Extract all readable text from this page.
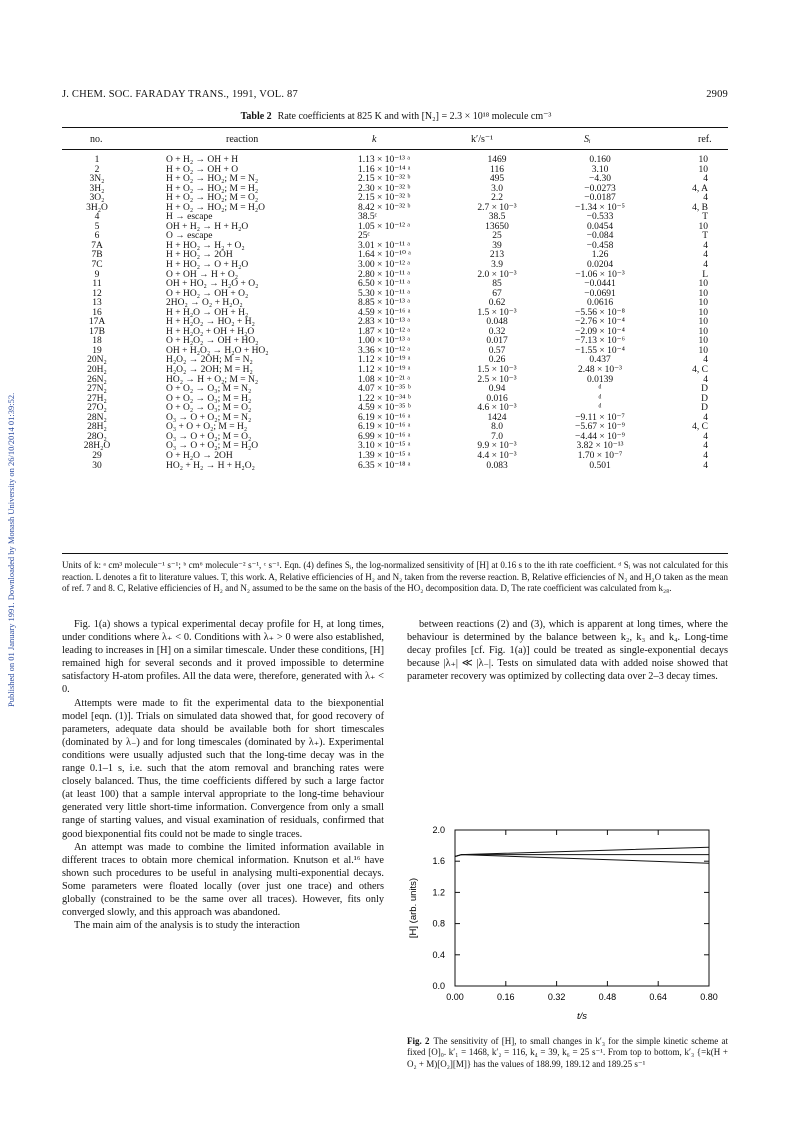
Published on 01 January 1991. Downloaded by Monash University on 26/10/2014 01:39:52.
J. CHEM. SOC. FARADAY TRANS., 1991, VOL. 87	2909
Table 2 Rate coefficients at 825 K and with [N₂] = 2.3 × 10¹⁸ molecule cm⁻³
no.	reaction	k	k′/s⁻¹	Sᵢ	ref.
1	O + H₂ → OH + H	1.13 × 10⁻¹³ ᵃ	1469	0.160	10
2	H + O₂ → OH + O	1.16 × 10⁻¹⁴ ᵃ	116	3.10	10
3N₂	H + O₂ → HO₂; M = N₂	2.15 × 10⁻³² ᵇ	495	−4.30	4
3H₂	H + O₂ → HO₂; M = H₂	2.30 × 10⁻³² ᵇ	3.0	−0.0273	4, A
3O₂	H + O₂ → HO₂; M = O₂	2.15 × 10⁻³² ᵇ	2.2	−0.0187	4
3H₂O	H + O₂ → HO₂; M = H₂O	8.42 × 10⁻³² ᵇ	2.7 × 10⁻³	−1.34 × 10⁻⁵	4, B
4	H → escape	38.5ᶜ	38.5	−0.533	T
5	OH + H₂ → H + H₂O	1.05 × 10⁻¹² ᵃ	13650	0.0454	10
6	O → escape	25ᶜ	25	−0.084	T
7A	H + HO₂ → H₂ + O₂	3.01 × 10⁻¹¹ ᵃ	39	−0.458	4
7B	H + HO₂ → 2OH	1.64 × 10⁻¹⁰ ᵃ	213	1.26	4
7C	H + HO₂ → O + H₂O	3.00 × 10⁻¹² ᵃ	3.9	0.0204	4
9	O + OH → H + O₂	2.80 × 10⁻¹¹ ᵃ	2.0 × 10⁻³	−1.06 × 10⁻³	L
11	OH + HO₂ → H₂O + O₂	6.50 × 10⁻¹¹ ᵃ	85	−0.0441	10
12	O + HO₂ → OH + O₂	5.30 × 10⁻¹¹ ᵃ	67	−0.0691	10
13	2HO₂ → O₂ + H₂O₂	8.85 × 10⁻¹³ ᵃ	0.62	0.0616	10
16	H + H₂O → OH + H₂	4.59 × 10⁻¹⁶ ᵃ	1.5 × 10⁻³	−5.56 × 10⁻⁸	10
17A	H + H₂O₂ → HO₂ + H₂	2.83 × 10⁻¹³ ᵃ	0.048	−2.76 × 10⁻⁴	10
17B	H + H₂O₂ + OH + H₂O	1.87 × 10⁻¹² ᵃ	0.32	−2.09 × 10⁻⁴	10
18	O + H₂O₂ → OH + HO₂	1.00 × 10⁻¹³ ᵃ	0.017	−7.13 × 10⁻⁶	10
19	OH + H₂O₂ → H₂O + HO₂	3.36 × 10⁻¹² ᵃ	0.57	−1.55 × 10⁻⁴	10
20N₂	H₂O₂ → 2OH; M = N₂	1.12 × 10⁻¹⁹ ᵃ	0.26	0.437	4
20H₂	H₂O₂ → 2OH; M = H₂	1.12 × 10⁻¹⁹ ᵃ	1.5 × 10⁻³	2.48 × 10⁻³	4, C
26N₂	HO₂ → H + O₂; M = N₂	1.08 × 10⁻²¹ ᵃ	2.5 × 10⁻³	0.0139	4
27N₂	O + O₂ → O₃; M = N₂	4.07 × 10⁻³⁵ ᵇ	0.94	ᵈ	D
27H₂	O + O₂ → O₃; M = H₂	1.22 × 10⁻³⁴ ᵇ	0.016	ᵈ	D
27O₂	O + O₂ → O₃; M = O₂	4.59 × 10⁻³⁵ ᵇ	4.6 × 10⁻³	ᵈ	D
28N₂	O₃ → O + O₂; M = N₂	6.19 × 10⁻¹⁶ ᵃ	1424	−9.11 × 10⁻⁷	4
28H₂	O₃ + O + O₂; M = H₂	6.19 × 10⁻¹⁶ ᵃ	8.0	−5.67 × 10⁻⁹	4, C
28O₂	O₃ → O + O₂; M = O₂	6.99 × 10⁻¹⁶ ᵃ	7.0	−4.44 × 10⁻⁹	4
28H₂O	O₃ → O + O₂; M = H₂O	3.10 × 10⁻¹⁵ ᵃ	9.9 × 10⁻³	3.82 × 10⁻¹³	4
29	O + H₂O → 2OH	1.39 × 10⁻¹⁵ ᵃ	4.4 × 10⁻³	1.70 × 10⁻⁷	4
30	HO₂ + H₂ → H + H₂O₂	6.35 × 10⁻¹⁸ ᵃ	0.083	0.501	4
Units of k: ᵃ cm³ molecule⁻¹ s⁻¹; ᵇ cm⁶ molecule⁻² s⁻¹, ᶜ s⁻¹. Eqn. (4) defines Sᵢ, the log-normalized sensitivity of [H] at 0.16 s to the ith rate coefficient. ᵈ Sᵢ was not calculated for this reaction. L denotes a fit to literature values. T, this work. A, Relative efficiencies of H₂ and N₂ taken from the reverse reaction. B, Relative efficiencies of N₂ and H₂O taken as the mean of ref. 7 and 8. C, Relative efficiencies of H₂ and N₂ assumed to be the same on the basis of the HO₂ decomposition data. D, The rate coefficient was calculated from k₂₈.

Fig. 1(a) shows a typical experimental decay profile for H, at long times, under conditions where λ₊ < 0. Conditions with λ₊ > 0 were also established, leading to increases in [H] on a similar timescale. Under these conditions, [H] remained high for several seconds and it proved impossible to determine satisfactory H-atom profiles. All the data were, therefore, generated with λ₊ < 0.

Attempts were made to fit the experimental data to the biexponential model [eqn. (1)]. Trials on simulated data showed that, for good recovery of parameters, adequate data should be available both for short timescales (dominated by λ₋) and for long timescales (dominated by λ₊). Experimental conditions were usually adjusted such that the long-time decay was in the range 0.1–1 s, i.e. such that the atom removal and branching rates were closely balanced. Thus, the time coefficients differed by such a large factor (at least 100) that a sample interval appropriate to the long-time behaviour generated very little short-time information. Convergence from only a small range of starting values, and visual examination of residuals, confirmed that good biexponential fits could not be made to single traces.

An attempt was made to combine the limited information available in different traces to obtain more chemical information. Knutson et al.¹⁶ have shown such procedures to be useful in analysing multi-exponential decays. Some parameters were floated locally (over just one trace) and others globally (constrained to be the same over all traces). However, fits only converged slowly, and this approach was abandoned.

The main aim of the analysis is to study the interaction

between reactions (2) and (3), which is apparent at long times, where the behaviour is determined by the balance between k₂, k₃ and k₄. Long-time decay profiles [cf. Fig. 1(a)] could be treated as single-exponential decays because |λ₊| ≪ |λ₋|. Tests on simulated data with added noise showed that parameter recovery was optimized by collecting data over 2–3 decay times.

0.00	0.16	0.32	0.48	0.64	0.80
0.0
0.4
0.8
1.2
1.6
2.0
t/s
[H] (arb. units)
Fig. 2 The sensitivity of [H], to small changes in k′₃ for the simple kinetic scheme at fixed [O]₀. k′₁ = 1468, k′₂ = 116, k₄ = 39, k₆ = 25 s⁻¹. From top to bottom, k′₃ {=k(H + O₂ + M)[O₂][M]} has the values of 188.99, 189.12 and 189.25 s⁻¹
